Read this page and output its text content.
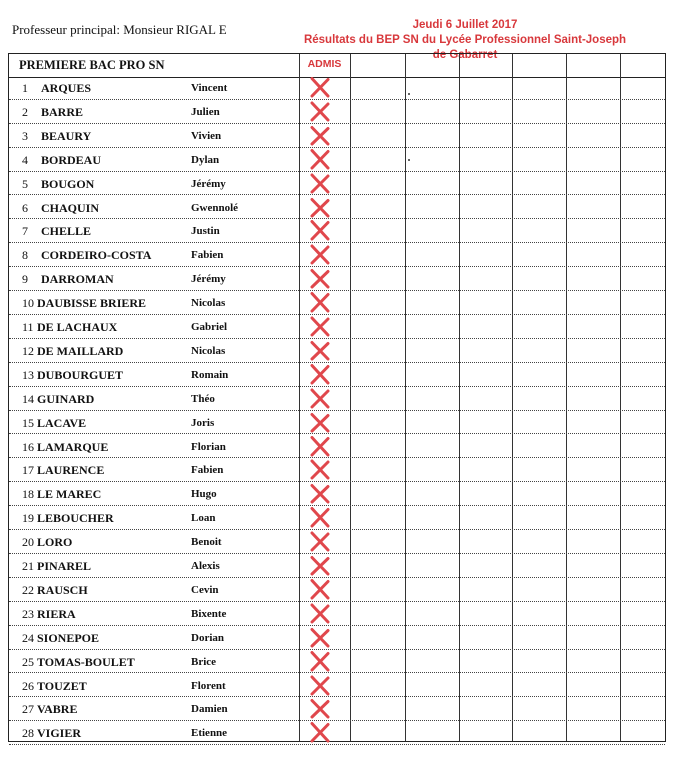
Professeur principal: Monsieur RIGAL E	Jeudi 6 Juillet 2017
Résultats du BEP SN du Lycée Professionnel Saint-Joseph de Gabarret
PREMIERE BAC PRO SN	ADMIS
1	ARQUES	Vincent
2	BARRE	Julien
3	BEAURY	Vivien
4	BORDEAU	Dylan
5	BOUGON	Jérémy
6	CHAQUIN	Gwennolé
7	CHELLE	Justin
8	CORDEIRO-COSTA	Fabien
9	DARROMAN	Jérémy
10 DAUBISSE BRIERE	Nicolas
11 DE LACHAUX	Gabriel
12 DE MAILLARD	Nicolas
13 DUBOURGUET	Romain
14 GUINARD	Théo
15 LACAVE	Joris
16 LAMARQUE	Florian
17 LAURENCE	Fabien
18 LE MAREC	Hugo
19 LEBOUCHER	Loan
20 LORO	Benoit
21 PINAREL	Alexis
22 RAUSCH	Cevin
23 RIERA	Bixente
24 SIONEPOE	Dorian
25 TOMAS-BOULET	Brice
26 TOUZET	Florent
27 VABRE	Damien
28 VIGIER	Etienne
